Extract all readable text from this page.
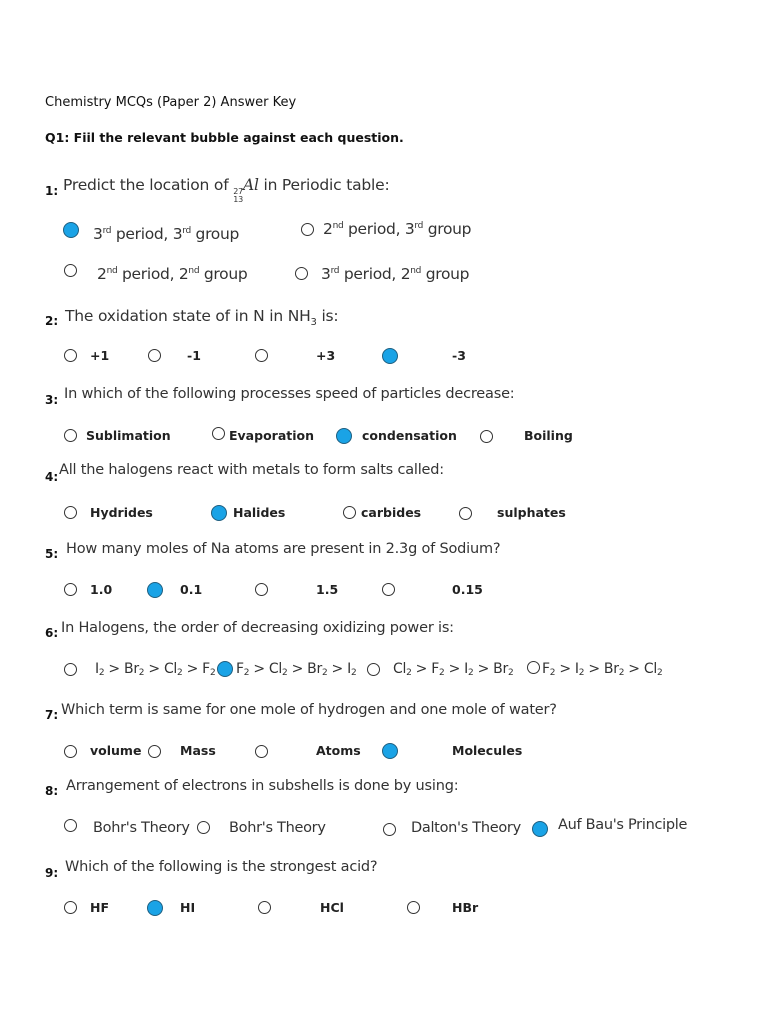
Chemistry MCQs (Paper 2) Answer Key
Q1: Fiil the relevant bubble against each question.
1: Predict the location of 27
13
Al in Periodic table:
3rd period, 3rd group	2nd period, 3rd group
2nd period, 2nd group	3rd period, 2nd group
2: The oxidation state of in N in $NH_3$ is:
+1	-1	+3	-3
3: In which of the following processes speed of particles decrease:
Sublimation	Evaporation	condensation	Boiling
4: All the halogens react with metals to form salts called:
Hydrides	Halides	carbides	sulphates
5: How many moles of Na atoms are present in 2.3g of Sodium?
1.0	0.1	1.5	0.15
6: In Halogens, the order of decreasing oxidizing power is:
$I_2 > Br_2 > Cl_2 > F_2$ $F_2 > Cl_2 > Br_2 > I_2$	$Cl_2 > F_2 > I_2 > Br_2$ $F_2 > I_2 > Br_2 > Cl_2$
7: Which term is same for one mole of hydrogen and one mole of water?
volume	Mass	Atoms	Molecules
8: Arrangement of electrons in subshells is done by using:
Bohr's Theory	Bohr's Theory	Dalton's Theory	Auf Bau's Principle
9: Which of the following is the strongest acid?
HF	HI	HCl	HBr
